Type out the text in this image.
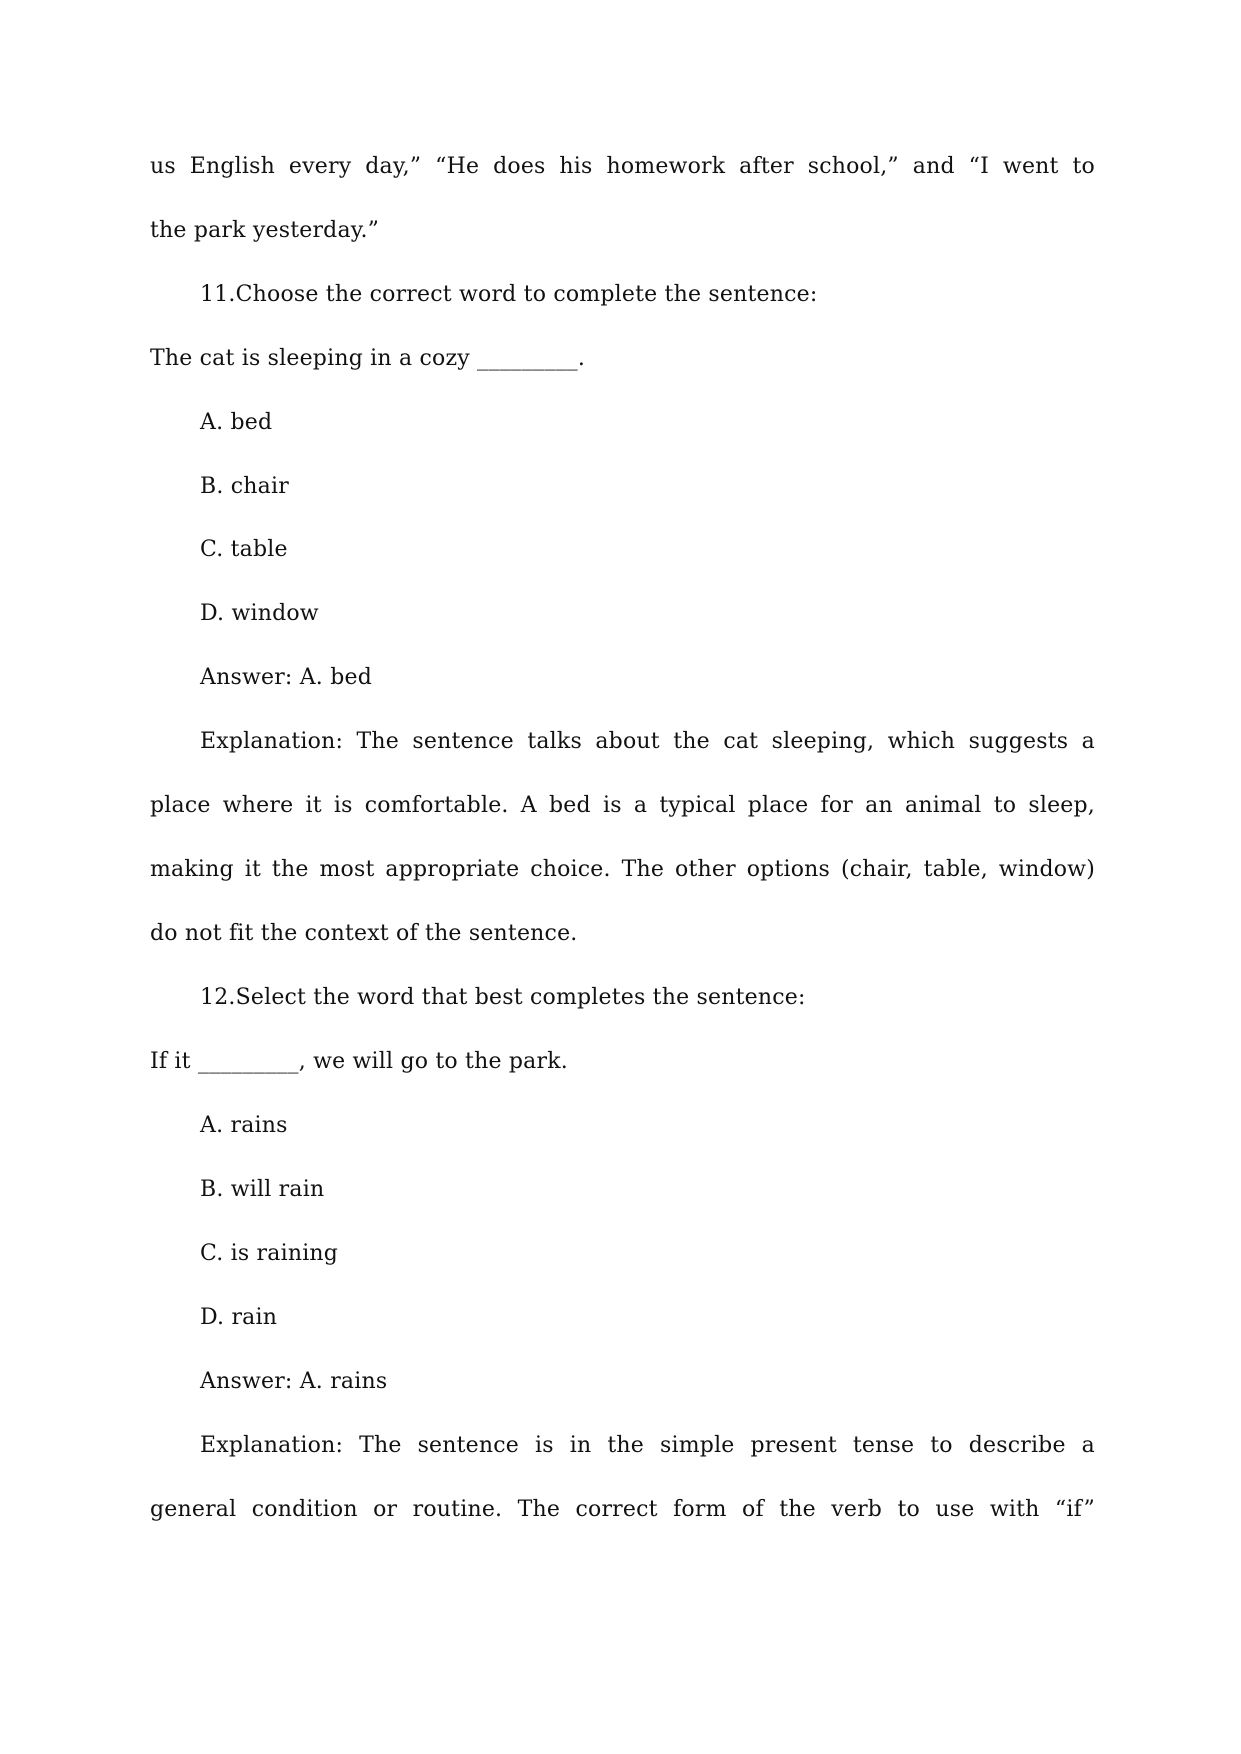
us English every day,” “He does his homework after school,” and “I went to
the park yesterday.”
11.Choose the correct word to complete the sentence:
The cat is sleeping in a cozy _________.
A. bed
B. chair
C. table
D. window
Answer: A. bed
Explanation: The sentence talks about the cat sleeping, which suggests a
place where it is comfortable. A bed is a typical place for an animal to sleep,
making it the most appropriate choice. The other options (chair, table, window)
do not fit the context of the sentence.
12.Select the word that best completes the sentence:
If it _________, we will go to the park.
A. rains
B. will rain
C. is raining
D. rain
Answer: A. rains
Explanation: The sentence is in the simple present tense to describe a
general condition or routine. The correct form of the verb to use with “if”
